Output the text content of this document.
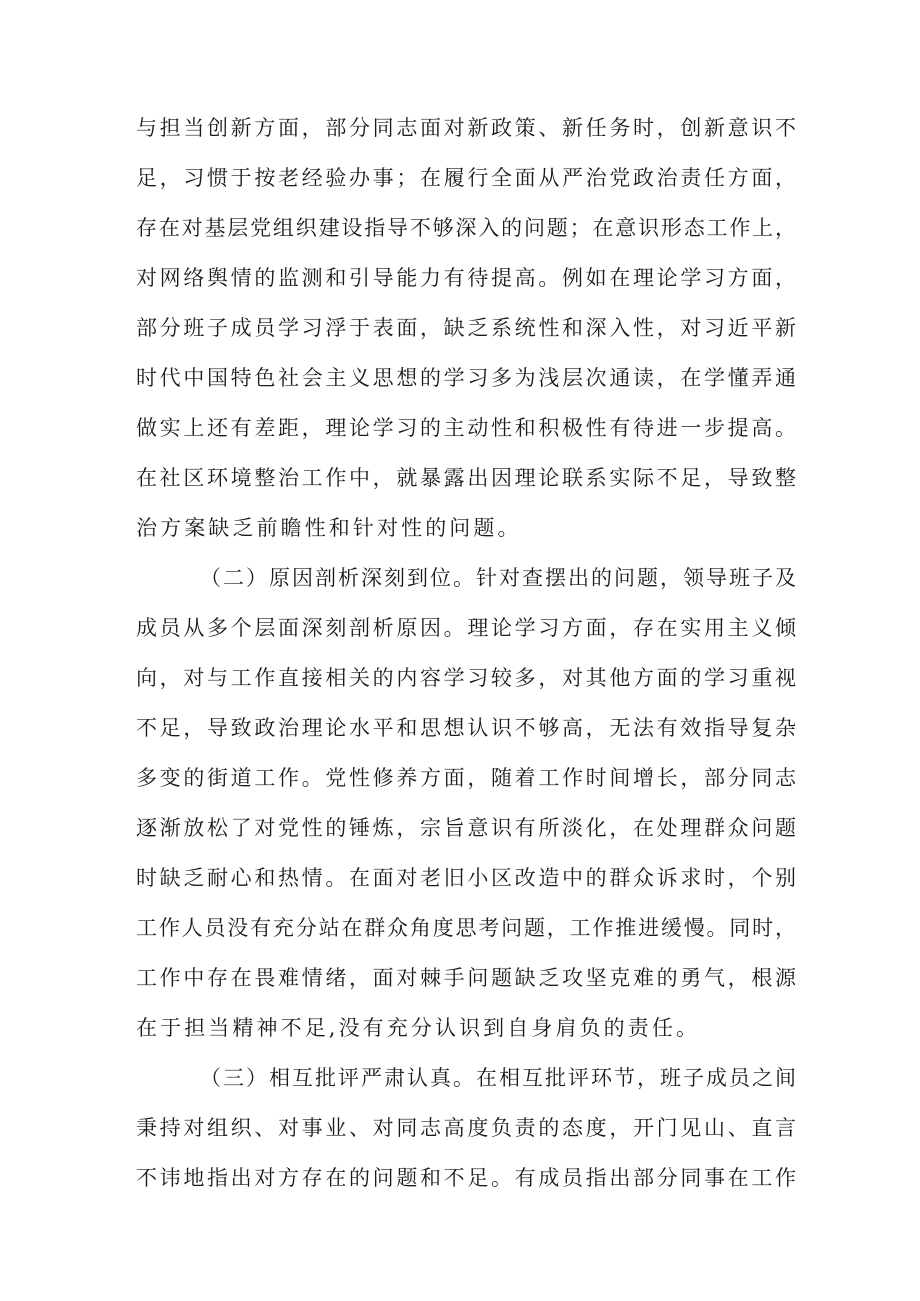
与担当创新方面，部分同志面对新政策、新任务时，创新意识不
足，习惯于按老经验办事；在履行全面从严治党政治责任方面，
存在对基层党组织建设指导不够深入的问题；在意识形态工作上，
对网络舆情的监测和引导能力有待提高。例如在理论学习方面，
部分班子成员学习浮于表面，缺乏系统性和深入性，对习近平新
时代中国特色社会主义思想的学习多为浅层次通读，在学懂弄通
做实上还有差距，理论学习的主动性和积极性有待进一步提高。
在社区环境整治工作中，就暴露出因理论联系实际不足，导致整
治方案缺乏前瞻性和针对性的问题。
（二）原因剖析深刻到位。针对查摆出的问题，领导班子及
成员从多个层面深刻剖析原因。理论学习方面，存在实用主义倾
向，对与工作直接相关的内容学习较多，对其他方面的学习重视
不足，导致政治理论水平和思想认识不够高，无法有效指导复杂
多变的街道工作。党性修养方面，随着工作时间增长，部分同志
逐渐放松了对党性的锤炼，宗旨意识有所淡化，在处理群众问题
时缺乏耐心和热情。在面对老旧小区改造中的群众诉求时，个别
工作人员没有充分站在群众角度思考问题，工作推进缓慢。同时，
工作中存在畏难情绪，面对棘手问题缺乏攻坚克难的勇气，根源
在于担当精神不足,没有充分认识到自身肩负的责任。
（三）相互批评严肃认真。在相互批评环节，班子成员之间
秉持对组织、对事业、对同志高度负责的态度，开门见山、直言
不讳地指出对方存在的问题和不足。有成员指出部分同事在工作
